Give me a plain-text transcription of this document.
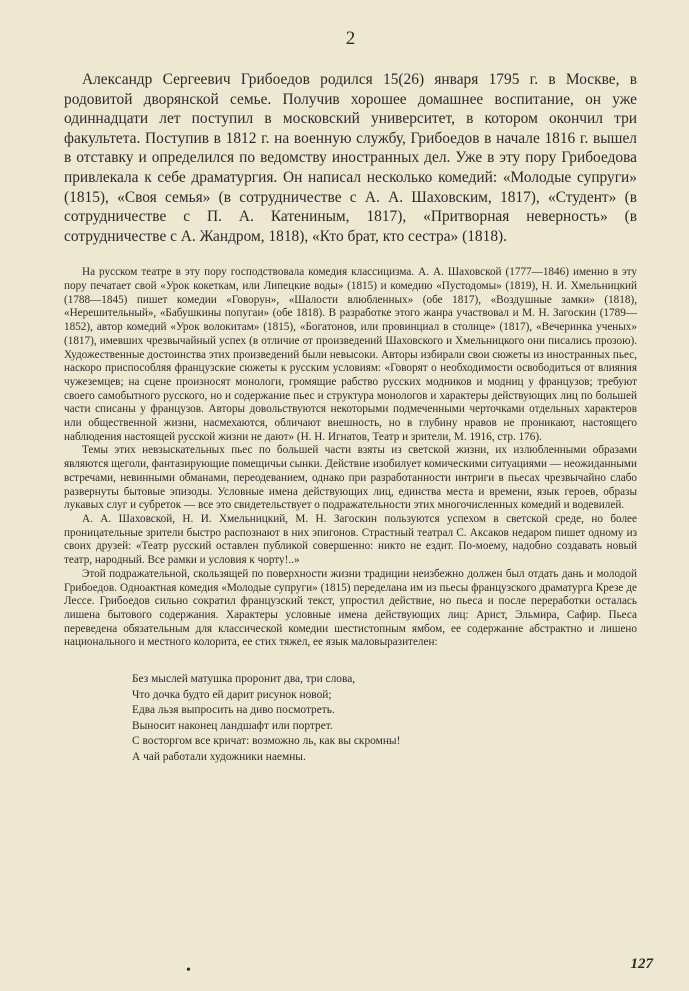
2

Александр Сергеевич Грибоедов родился 15(26) января 1795 г. в Москве, в родовитой дворянской семье. Получив хорошее домашнее воспитание, он уже одиннадцати лет поступил в московский университет, в котором окончил три факультета. Поступив в 1812 г. на военную службу, Грибоедов в начале 1816 г. вышел в отставку и определился по ведомству иностранных дел. Уже в эту пору Грибоедова привлекала к себе драматургия. Он написал несколько комедий: «Молодые супруги» (1815), «Своя семья» (в сотрудничестве с А. А. Шаховским, 1817), «Студент» (в сотрудничестве с П. А. Катениным, 1817), «Притворная неверность» (в сотрудничестве с А. Жандром, 1818), «Кто брат, кто сестра» (1818).

На русском театре в эту пору господствовала комедия классицизма. А. А. Шаховской (1777—1846) именно в эту пору печатает свой «Урок кокеткам, или Липецкие воды» (1815) и комедию «Пустодомы» (1819), Н. И. Хмельницкий (1788—1845) пишет комедии «Говорун», «Шалости влюбленных» (обе 1817), «Воздушные замки» (1818), «Нерешительный», «Бабушкины попугаи» (обе 1818). В разработке этого жанра участвовал и М. Н. Загоскин (1789—1852), автор комедий «Урок волокитам» (1815), «Богатонов, или провинциал в столице» (1817), «Вечеринка ученых» (1817), имевших чрезвычайный успех (в отличие от произведений Шаховского и Хмельницкого они писались прозою). Художественные достоинства этих произведений были невысоки. Авторы избирали свои сюжеты из иностранных пьес, наскоро приспособляя французские сюжеты к русским условиям: «Говорят о необходимости освободиться от влияния чужеземцев; на сцене произносят монологи, громящие рабство русских модников и модниц у французов; требуют своего самобытного русского, но и содержание пьес и структура монологов и характеры действующих лиц по большей части списаны у французов. Авторы довольствуются некоторыми подмеченными черточками отдельных характеров или общественной жизни, насмехаются, обличают внешность, но в глубину нравов не проникают, настоящего наблюдения настоящей русской жизни не дают» (Н. Н. Игнатов, Театр и зрители, М. 1916, стр. 176).

Темы этих невзыскательных пьес по большей части взяты из светской жизни, их излюбленными образами являются щеголи, фантазирующие помещичьи сынки. Действие изобилует комическими ситуациями — неожиданными встречами, невинными обманами, переодеванием, однако при разработанности интриги в пьесах чрезвычайно слабо развернуты бытовые эпизоды. Условные имена действующих лиц, единства места и времени, язык героев, образы лукавых слуг и субреток — все это свидетельствует о подражательности этих многочисленных комедий и водевилей.

А. А. Шаховской, Н. И. Хмельницкий, М. Н. Загоскин пользуются успехом в светской среде, но более проницательные зрители быстро распознают в них эпигонов. Страстный театрал С. Аксаков недаром пишет одному из своих друзей: «Театр русский оставлен публикой совершенно: никто не ездит. По-моему, надобно создавать новый театр, народный. Все рамки и условия к чорту!..»

Этой подражательной, скользящей по поверхности жизни традиции неизбежно должен был отдать дань и молодой Грибоедов. Одноактная комедия «Молодые супруги» (1815) переделана им из пьесы французского драматурга Крезе де Лессе. Грибоедов сильно сократил французский текст, упростил действие, но пьеса и после переработки осталась лишена бытового содержания. Характеры условные имена действующих лиц: Арист, Эльмира, Сафир. Пьеса переведена обязательным для классической комедии шестистопным ямбом, ее содержание абстрактно и лишено национального и местного колорита, ее стих тяжел, ее язык маловыразителен:

Без мыслей матушка проронит два, три слова,
Что дочка будто ей дарит рисунок новой;
Едва льзя выпросить на диво посмотреть.
Выносит наконец ландшафт или портрет.
С восторгом все кричат: возможно ль, как вы скромны!
А чай работали художники наемны.
•	127
